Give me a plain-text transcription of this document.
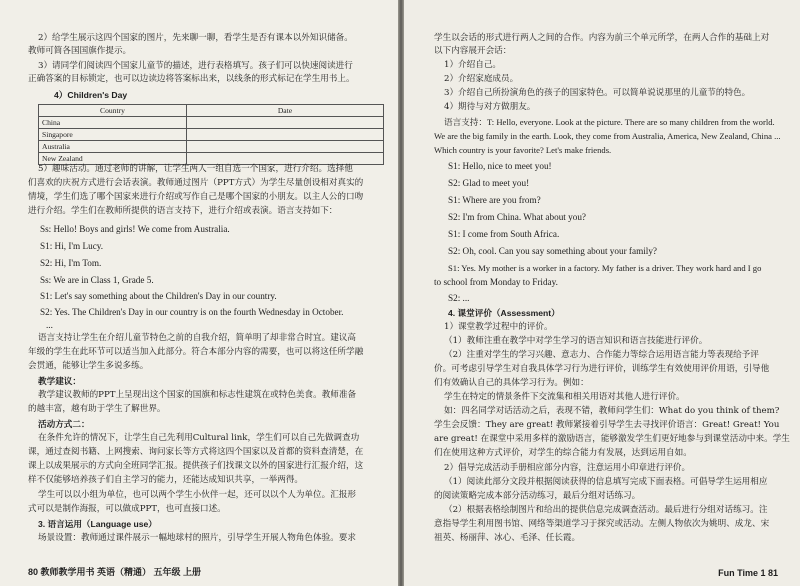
2）给学生展示这四个国家的图片，先来聊一聊，看学生是否有课本以外知识储备。
教师可简各国国旗作提示。
3）请同学们阅读四个国家儿童节的描述，进行表格填写。孩子们可以快速阅读进行
正确答案的目标锁定，也可以边读边将答案标出来，以线条的形式标记在学生用书上。
4）Children's Day
Country	Date
China	
Singapore	
Australia	
New Zealand	
5）趣味活动。通过老师的讲解，让学生两人一组自选一个国家，进行介绍。选择他
们喜欢的庆祝方式进行会话表演。教师通过图片（PPT方式）为学生尽量创设相对真实的
情境，学生们选了哪个国家来进行介绍或写作自己是哪个国家的小朋友。以主人公的口吻
进行介绍。学生们在教师所提供的语言支持下，进行介绍或表演。语言支持如下：
Ss: Hello! Boys and girls! We come from Australia.
S1: Hi, I'm Lucy.
S2: Hi, I'm Tom.
Ss: We are in Class 1, Grade 5.
S1: Let's say something about the Children's Day in our country.
S2: Yes. The Children's Day in our country is on the fourth Wednesday in October.
...
语言支持让学生在介绍儿童节特色之前的自我介绍，简单明了却非常合时宜。建议高
年级的学生在此环节可以适当加入此部分。符合本部分内容的需要，也可以将这任所学融
会贯通，能够让学生多说多练。
教学建议：
教学建议教师的PPT上呈现出这个国家的国旗和标志性建筑在或特色美食。教师准备
的越丰富，越有助于学生了解世界。
活动方式二：
在条件允许的情况下，让学生自己先利用Cultural link，学生们可以自己先做调查功
课，通过查阅书籍、上网搜索、询问家长等方式将这四个国家以及首都的资料查清楚，在
课上以成果展示的方式向全班同学汇报。提供孩子们找课文以外的国家进行汇报介绍，这
样不仅能够培养孩子们自主学习的能力，还能达成知识共享，一举两得。
学生可以以小组为单位，也可以两个学生小伙伴一起，还可以以个人为单位。汇报形
式可以是制作海报，可以做成PPT，也可直接口述。
3. 语言运用（Language use）
场景设置：教师通过课件展示一幅地球村的照片，引导学生开展人物角色体验。要求
80 教师教学用书 英语（精通） 五年级 上册
学生以会话的形式进行两人之间的合作。内容为前三个单元所学，在两人合作的基础上对
以下内容展开会话：
1）介绍自己。
2）介绍家庭成员。
3）介绍自己所扮演角色的孩子的国家特色。可以简单说说那里的儿童节的特色。
4）期待与对方做朋友。
语言支持：T: Hello, everyone. Look at the picture. There are so many children from the world.
We are the big family in the earth. Look, they come from Australia, America, New Zealand, China ...
Which country is your favorite? Let's make friends.
S1: Hello, nice to meet you!
S2: Glad to meet you!
S1: Where are you from?
S2: I'm from China. What about you?
S1: I come from South Africa.
S2: Oh, cool. Can you say something about your family?
S1: Yes. My mother is a worker in a factory. My father is a driver. They work hard and I go
to school from Monday to Friday.
S2: ...
4. 课堂评价（Assessment）
1）课堂教学过程中的评价。
（1）教师注重在教学中对学生学习的语言知识和语言技能进行评价。
（2）注重对学生的学习兴趣、意志力、合作能力等综合运用语言能力等表现给予评
价。可考虑引导学生对自我具体学习行为进行评价，训练学生有效使用评价用语，引导他
们有效确认自己的具体学习行为。例如：
学生在特定的情景条件下交流集和相关用语对其他人进行评价。
如：四名同学对话活动之后，表现不错，教师问学生们：What do you think of them?
学生会反馈：They are great! 教师紧接着引导学生去寻找评价语言：Great! Great! You
are great! 在课堂中采用多样的激励语言，能够激发学生们更好地参与到课堂活动中来。学生
们在使用这种方式评价，对学生的综合能力有发展，达到运用自如。
2）倡导完成活动手册相应部分内容，注意运用小印章进行评价。
（1）阅读此部分文段并根据阅读获得的信息填写完成下面表格。可倡导学生运用相应
的阅读策略完成本部分活动练习，最后分组对话练习。
（2）根据表格绘制图片和给出的提供信息完成调查活动。最后进行分组对话练习。注
意指导学生利用图书馆、网络等渠道学习于探究或活动。左侧人物依次为姚明、成龙、宋
祖英、杨丽萍、冰心、毛泽、任长霞。
Fun Time 1 81
